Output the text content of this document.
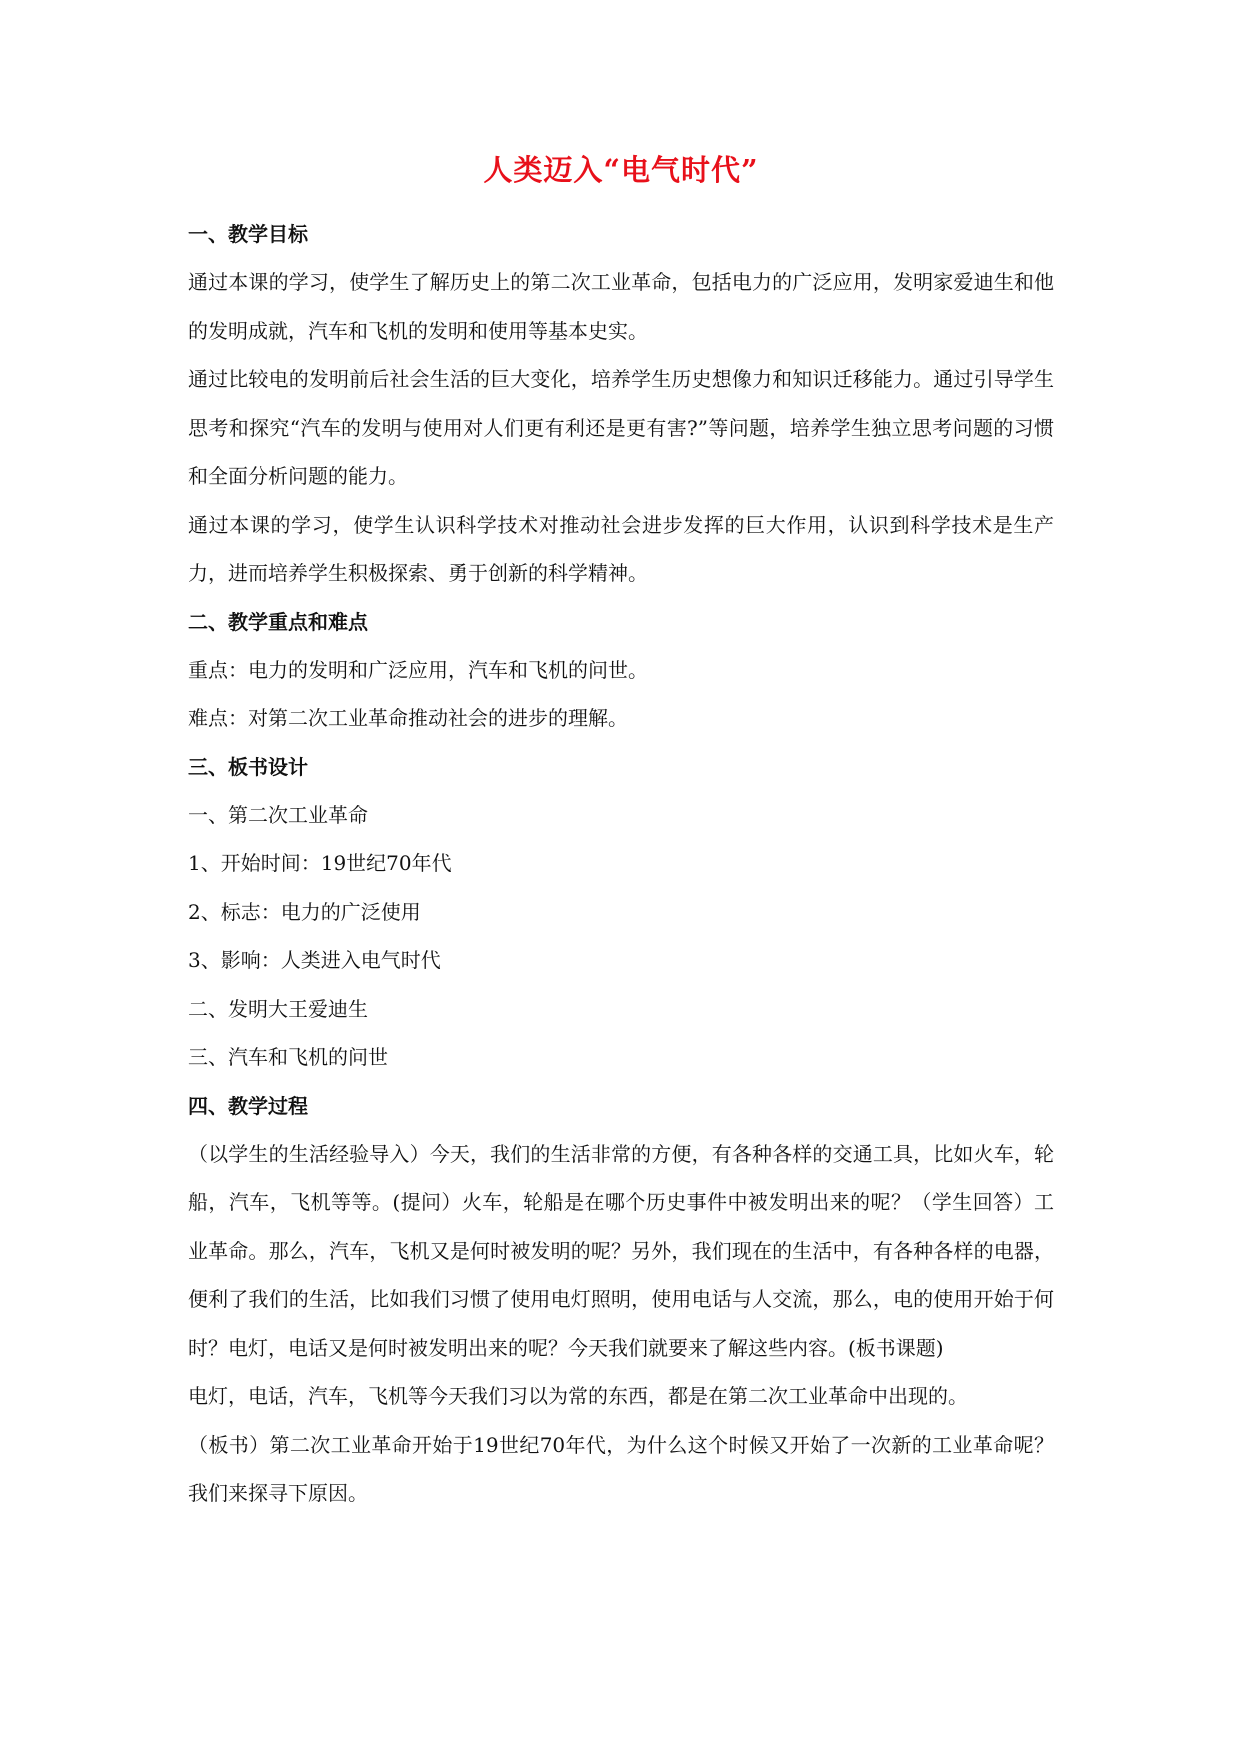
人类迈入“电气时代”
一、教学目标

通过本课的学习，使学生了解历史上的第二次工业革命，包括电力的广泛应用，发明家爱迪生和他的发明成就，汽车和飞机的发明和使用等基本史实。

通过比较电的发明前后社会生活的巨大变化，培养学生历史想像力和知识迁移能力。通过引导学生思考和探究“汽车的发明与使用对人们更有利还是更有害?”等问题，培养学生独立思考问题的习惯和全面分析问题的能力。

通过本课的学习，使学生认识科学技术对推动社会进步发挥的巨大作用，认识到科学技术是生产力，进而培养学生积极探索、勇于创新的科学精神。

二、教学重点和难点

重点：电力的发明和广泛应用，汽车和飞机的问世。

难点：对第二次工业革命推动社会的进步的理解。

三、板书设计

一、第二次工业革命

1、开始时间：19世纪70年代

2、标志：电力的广泛使用

3、影响：人类进入电气时代

二、发明大王爱迪生

三、汽车和飞机的问世

四、教学过程

（以学生的生活经验导入）今天，我们的生活非常的方便，有各种各样的交通工具，比如火车，轮船，汽车，飞机等等。(提问）火车，轮船是在哪个历史事件中被发明出来的呢？（学生回答）工业革命。那么，汽车，飞机又是何时被发明的呢？另外，我们现在的生活中，有各种各样的电器，便利了我们的生活，比如我们习惯了使用电灯照明，使用电话与人交流，那么，电的使用开始于何时？电灯，电话又是何时被发明出来的呢？今天我们就要来了解这些内容。(板书课题)

电灯，电话，汽车，飞机等今天我们习以为常的东西，都是在第二次工业革命中出现的。

（板书）第二次工业革命开始于19世纪70年代，为什么这个时候又开始了一次新的工业革命呢？我们来探寻下原因。
